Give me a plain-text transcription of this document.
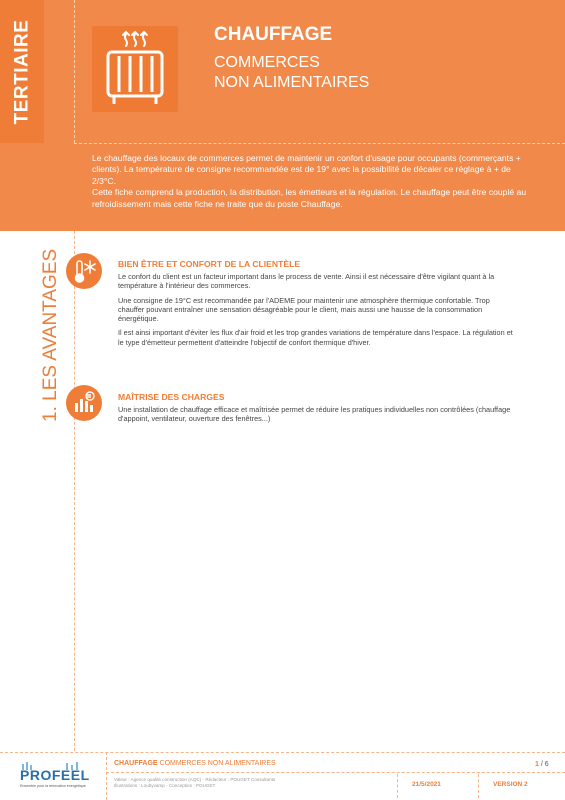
TERTIAIRE	CHAUFFAGE
COMMERCES
NON ALIMENTAIRES

Le chauffage des locaux de commerces permet de maintenir un confort d'usage pour occupants (commerçants + clients). La température de consigne recommandée est de 19° avec la possibilité de décaler ce réglage à + de 2/3°C.

Cette fiche comprend la production, la distribution, les émetteurs et la régulation. Le chauffage peut être couplé au refroidissement mais cette fiche ne traite que du poste Chauffage.

1. LES AVANTAGES	BIEN ÊTRE ET CONFORT DE LA CLIENTÈLE

Le confort du client est un facteur important dans le process de vente. Ainsi il est nécessaire d'être vigilant quant à la température à l'intérieur des commerces.

Une consigne de 19°C est recommandée par l'ADEME pour maintenir une atmosphère thermique confortable. Trop chauffer pouvant entraîner une sensation désagréable pour le client, mais aussi une hausse de la consommation énergétique.

Il est ainsi important d'éviter les flux d'air froid et les trop grandes variations de température dans l'espace. La régulation et le type d'émetteur permettent d'atteindre l'objectif de confort thermique d'hiver.

MAÎTRISE DES CHARGES

Une installation de chauffage efficace et maîtrisée permet de réduire les pratiques individuelles non contrôlées (chauffage d'appoint, ventilateur, ouverture des fenêtres...)

PROFEEL
Ensemble pour la rénovation énergétique
CHAUFFAGE COMMERCES NON ALIMENTAIRES
Valeur : Agence qualité construction (AQC) - Rédacteur : POUGET Consultants
Illustrations : Loubyvamp - Conception : POUGET	21/5/2021	VERSION 2
1 / 6
